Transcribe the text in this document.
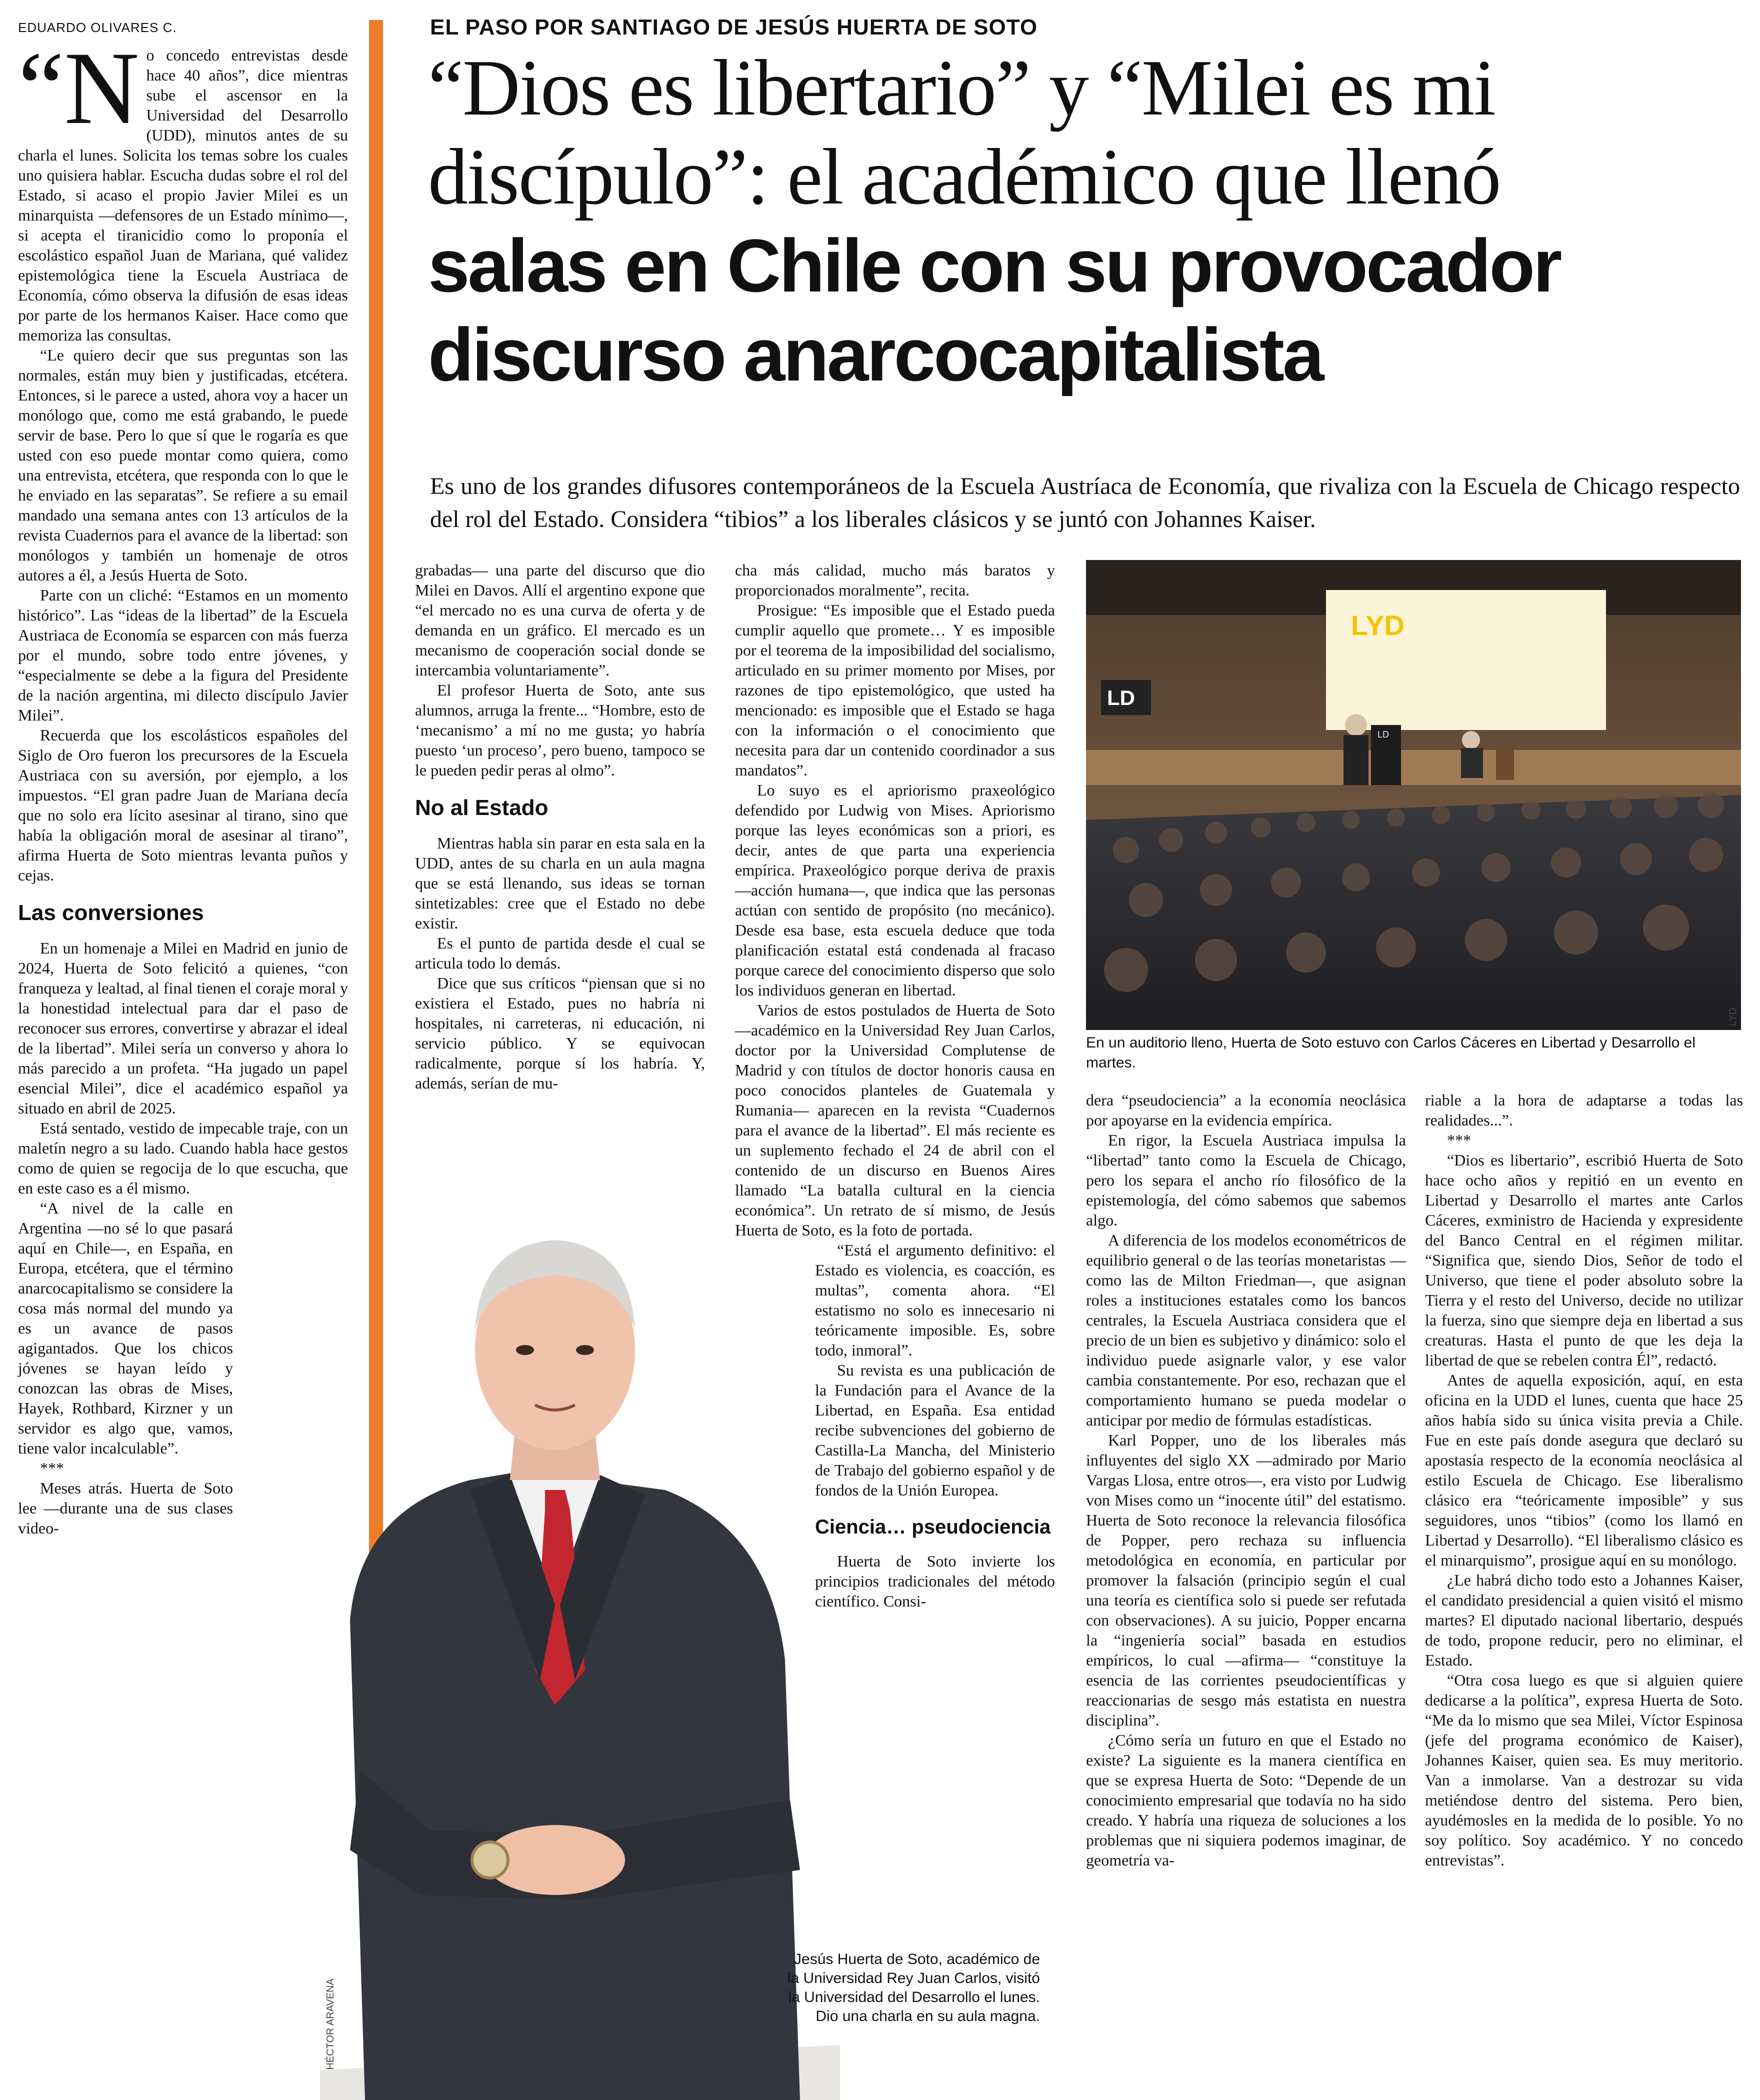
EDUARDO OLIVARES C.	EL PASO POR SANTIAGO DE JESÚS HUERTA DE SOTO
“Dios es libertario” y “Milei es mi discípulo”: el académico que llenó
salas en Chile con su provocador discurso anarcocapitalista
Es uno de los grandes difusores contemporáneos de la Escuela Austríaca de Economía, que rivaliza con la Escuela de Chicago respecto del rol del Estado. Considera “tibios” a los liberales clásicos y se juntó con Johannes Kaiser.

“N o concedo entrevistas desde hace 40 años”, dice mientras sube el ascensor en la Universidad del Desarrollo (UDD), minutos antes de su charla el lunes. Solicita los temas sobre los cuales uno quisiera hablar. Escucha dudas sobre el rol del Estado, si acaso el propio Javier Milei es un minarquista —defensores de un Estado mínimo—, si acepta el tiranicidio como lo proponía el escolástico español Juan de Mariana, qué validez epistemológica tiene la Escuela Austriaca de Economía, cómo observa la difusión de esas ideas por parte de los hermanos Kaiser. Hace como que memoriza las consultas.

“Le quiero decir que sus preguntas son las normales, están muy bien y justificadas, etcétera. Entonces, si le parece a usted, ahora voy a hacer un monólogo que, como me está grabando, le puede servir de base. Pero lo que sí que le rogaría es que usted con eso puede montar como quiera, como una entrevista, etcétera, que responda con lo que le he enviado en las separatas”. Se refiere a su email mandado una semana antes con 13 artículos de la revista Cuadernos para el avance de la libertad: son monólogos y también un homenaje de otros autores a él, a Jesús Huerta de Soto.

Parte con un cliché: “Estamos en un momento histórico”. Las “ideas de la libertad” de la Escuela Austriaca de Economía se esparcen con más fuerza por el mundo, sobre todo entre jóvenes, y “especialmente se debe a la figura del Presidente de la nación argentina, mi dilecto discípulo Javier Milei”.

Recuerda que los escolásticos españoles del Siglo de Oro fueron los precursores de la Escuela Austriaca con su aversión, por ejemplo, a los impuestos. “El gran padre Juan de Mariana decía que no solo era lícito asesinar al tirano, sino que había la obligación moral de asesinar al tirano”, afirma Huerta de Soto mientras levanta puños y cejas.

Las conversiones

En un homenaje a Milei en Madrid en junio de 2024, Huerta de Soto felicitó a quienes, “con franqueza y lealtad, al final tienen el coraje moral y la honestidad intelectual para dar el paso de reconocer sus errores, convertirse y abrazar el ideal de la libertad”. Milei sería un converso y ahora lo más parecido a un profeta. “Ha jugado un papel esencial Milei”, dice el académico español ya situado en abril de 2025.

Está sentado, vestido de impecable traje, con un maletín negro a su lado. Cuando habla hace gestos como de quien se regocija de lo que escucha, que en este caso es a él mismo.

“A nivel de la calle en Argentina —no sé lo que pasará aquí en Chile—, en España, en Europa, etcétera, que el término anarcocapitalismo se considere la cosa más normal del mundo ya es un avance de pasos agigantados. Que los chicos jóvenes se hayan leído y conozcan las obras de Mises, Hayek, Rothbard, Kirzner y un servidor es algo que, vamos, tiene valor incalculable”.

***

Meses atrás. Huerta de Soto lee —durante una de sus clases video-

grabadas— una parte del discurso que dio Milei en Davos. Allí el argentino expone que “el mercado no es una curva de oferta y de demanda en un gráfico. El mercado es un mecanismo de cooperación social donde se intercambia voluntariamente”.

El profesor Huerta de Soto, ante sus alumnos, arruga la frente... “Hombre, esto de ‘mecanismo’ a mí no me gusta; yo habría puesto ‘un proceso’, pero bueno, tampoco se le pueden pedir peras al olmo”.

No al Estado

Mientras habla sin parar en esta sala en la UDD, antes de su charla en un aula magna que se está llenando, sus ideas se tornan sintetizables: cree que el Estado no debe existir.

Es el punto de partida desde el cual se articula todo lo demás.

Dice que sus críticos “piensan que si no existiera el Estado, pues no habría ni hospitales, ni carreteras, ni educación, ni servicio público. Y se equivocan radicalmente, porque sí los habría. Y, además, serían de mu-

cha más calidad, mucho más baratos y proporcionados moralmente”, recita.

Prosigue: “Es imposible que el Estado pueda cumplir aquello que promete… Y es imposible por el teorema de la imposibilidad del socialismo, articulado en su primer momento por Mises, por razones de tipo epistemológico, que usted ha mencionado: es imposible que el Estado se haga con la información o el conocimiento que necesita para dar un contenido coordinador a sus mandatos”.

Lo suyo es el apriorismo praxeológico defendido por Ludwig von Mises. Apriorismo porque las leyes económicas son a priori, es decir, antes de que parta una experiencia empírica. Praxeológico porque deriva de praxis —acción humana—, que indica que las personas actúan con sentido de propósito (no mecánico). Desde esa base, esta escuela deduce que toda planificación estatal está condenada al fracaso porque carece del conocimiento disperso que solo los individuos generan en libertad.

Varios de estos postulados de Huerta de Soto —académico en la Universidad Rey Juan Carlos, doctor por la Universidad Complutense de Madrid y con títulos de doctor honoris causa en poco conocidos planteles de Guatemala y Rumania— aparecen en la revista “Cuadernos para el avance de la libertad”. El más reciente es un suplemento fechado el 24 de abril con el contenido de un discurso en Buenos Aires llamado “La batalla cultural en la ciencia económica”. Un retrato de sí mismo, de Jesús Huerta de Soto, es la foto de portada.

“Está el argumento definitivo: el Estado es violencia, es coacción, es multas”, comenta ahora. “El estatismo no solo es innecesario ni teóricamente imposible. Es, sobre todo, inmoral”.

Su revista es una publicación de la Fundación para el Avance de la Libertad, en España. Esa entidad recibe subvenciones del gobierno de Castilla-La Mancha, del Ministerio de Trabajo del gobierno español y de fondos de la Unión Europea.

Ciencia… pseudociencia

Huerta de Soto invierte los principios tradicionales del método científico. Consi-

dera “pseudociencia” a la economía neoclásica por apoyarse en la evidencia empírica.

En rigor, la Escuela Austriaca impulsa la “libertad” tanto como la Escuela de Chicago, pero los separa el ancho río filosófico de la epistemología, del cómo sabemos que sabemos algo.

A diferencia de los modelos econométricos de equilibrio general o de las teorías monetaristas —como las de Milton Friedman—, que asignan roles a instituciones estatales como los bancos centrales, la Escuela Austriaca considera que el precio de un bien es subjetivo y dinámico: solo el individuo puede asignarle valor, y ese valor cambia constantemente. Por eso, rechazan que el comportamiento humano se pueda modelar o anticipar por medio de fórmulas estadísticas.

Karl Popper, uno de los liberales más influyentes del siglo XX —admirado por Mario Vargas Llosa, entre otros—, era visto por Ludwig von Mises como un “inocente útil” del estatismo. Huerta de Soto reconoce la relevancia filosófica de Popper, pero rechaza su influencia metodológica en economía, en particular por promover la falsación (principio según el cual una teoría es científica solo si puede ser refutada con observaciones). A su juicio, Popper encarna la “ingeniería social” basada en estudios empíricos, lo cual —afirma— “constituye la esencia de las corrientes pseudocientíficas y reaccionarias de sesgo más estatista en nuestra disciplina”.

¿Cómo sería un futuro en que el Estado no existe? La siguiente es la manera científica en que se expresa Huerta de Soto: “Depende de un conocimiento empresarial que todavía no ha sido creado. Y habría una riqueza de soluciones a los problemas que ni siquiera podemos imaginar, de geometría va-

riable a la hora de adaptarse a todas las realidades...”.

***

“Dios es libertario”, escribió Huerta de Soto hace ocho años y repitió en un evento en Libertad y Desarrollo el martes ante Carlos Cáceres, exministro de Hacienda y expresidente del Banco Central en el régimen militar. “Significa que, siendo Dios, Señor de todo el Universo, que tiene el poder absoluto sobre la Tierra y el resto del Universo, decide no utilizar la fuerza, sino que siempre deja en libertad a sus creaturas. Hasta el punto de que les deja la libertad de que se rebelen contra Él”, redactó.

Antes de aquella exposición, aquí, en esta oficina en la UDD el lunes, cuenta que hace 25 años había sido su única visita previa a Chile. Fue en este país donde asegura que declaró su apostasía respecto de la economía neoclásica al estilo Escuela de Chicago. Ese liberalismo clásico era “teóricamente imposible” y sus seguidores, unos “tibios” (como los llamó en Libertad y Desarrollo). “El liberalismo clásico es el minarquismo”, prosigue aquí en su monólogo.

¿Le habrá dicho todo esto a Johannes Kaiser, el candidato presidencial a quien visitó el mismo martes? El diputado nacional libertario, después de todo, propone reducir, pero no eliminar, el Estado.

“Otra cosa luego es que si alguien quiere dedicarse a la política”, expresa Huerta de Soto. “Me da lo mismo que sea Milei, Víctor Espinosa (jefe del programa económico de Kaiser), Johannes Kaiser, quien sea. Es muy meritorio. Van a inmolarse. Van a destrozar su vida metiéndose dentro del sistema. Pero bien, ayudémosles en la medida de lo posible. Yo no soy político. Soy académico. Y no concedo entrevistas”.

LYD
LD
LD
LYD
En un auditorio lleno, Huerta de Soto estuvo con Carlos Cáceres en Libertad y Desarrollo el martes.
HÉCTOR ARAVENA
Jesús Huerta de Soto, académico de la Universidad Rey Juan Carlos, visitó la Universidad del Desarrollo el lunes. Dio una charla en su aula magna.
